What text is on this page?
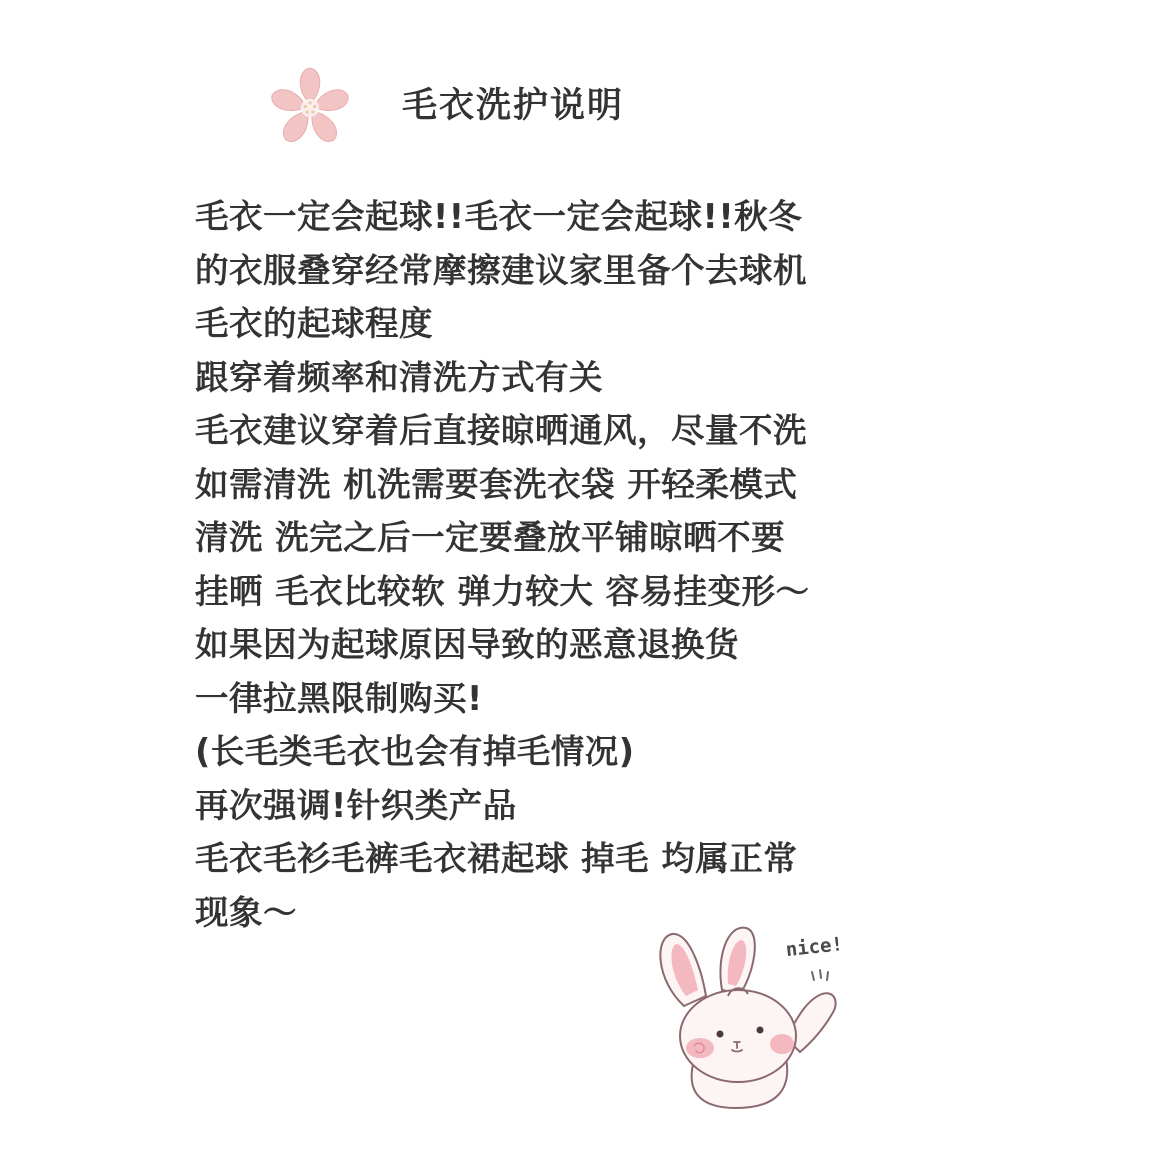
毛衣洗护说明
毛衣一定会起球!!毛衣一定会起球!!秋冬
的衣服叠穿经常摩擦建议家里备个去球机
毛衣的起球程度
跟穿着频率和清洗方式有关
毛衣建议穿着后直接晾晒通风，尽量不洗
如需清洗 机洗需要套洗衣袋 开轻柔模式
清洗 洗完之后一定要叠放平铺晾晒不要
挂晒 毛衣比较软 弹力较大 容易挂变形～
如果因为起球原因导致的恶意退换货
一律拉黑限制购买!
(长毛类毛衣也会有掉毛情况)
再次强调!针织类产品
毛衣毛衫毛裤毛衣裙起球 掉毛 均属正常
现象～
nice!
